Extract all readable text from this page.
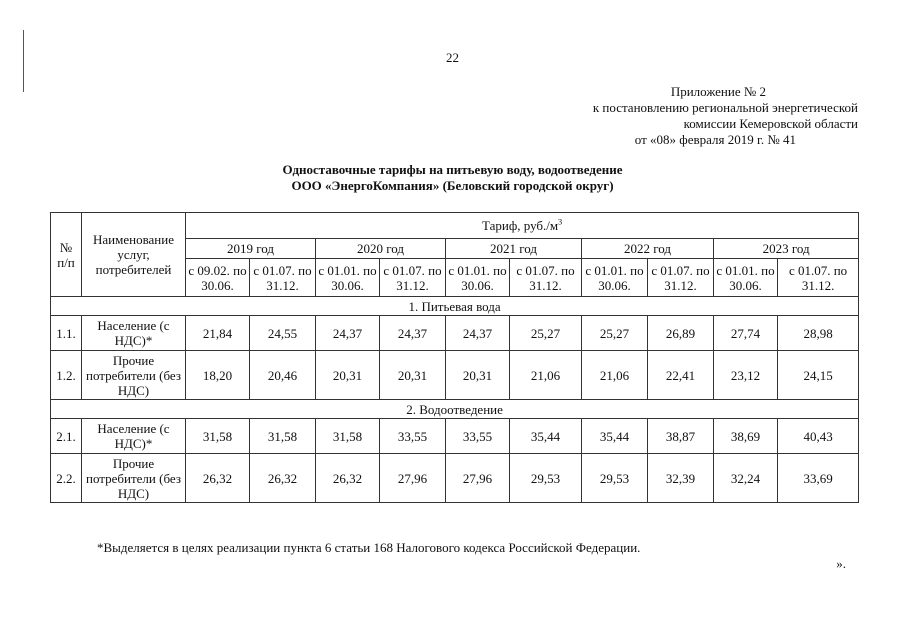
22
Приложение № 2
к постановлению региональной энергетической
комиссии Кемеровской области
от «08» февраля 2019 г. № 41
Одноставочные тарифы на питьевую воду, водоотведение
ООО «ЭнергоКомпания» (Беловский городской округ)
№ п/п	Наименование услуг, потребителей	Тариф, $руб./м^3$
		2019 год		2020 год		2021 год		2022 год		2023 год	
		с 09.02. по 30.06.	с 01.07. по 31.12.	с 01.01. по 30.06.	с 01.07. по 31.12.	с 01.01. по 30.06.	с 01.07. по 31.12.	с 01.01. по 30.06.	с 01.07. по 31.12.	с 01.01. по 30.06.	с 01.07. по 31.12.
1. Питьевая вода											
1.1.	Население (с НДС)*	21,84	24,55	24,37	24,37	24,37	25,27	25,27	26,89	27,74	28,98
1.2.	Прочие потребители (без НДС)	18,20	20,46	20,31	20,31	20,31	21,06	21,06	22,41	23,12	24,15
2. Водоотведение											
2.1.	Население (с НДС)*	31,58	31,58	31,58	33,55	33,55	35,44	35,44	38,87	38,69	40,43
2.2.	Прочие потребители (без НДС)	26,32	26,32	26,32	27,96	27,96	29,53	29,53	32,39	32,24	33,69
*Выделяется в целях реализации пункта 6 статьи 168 Налогового кодекса Российской Федерации.
».
